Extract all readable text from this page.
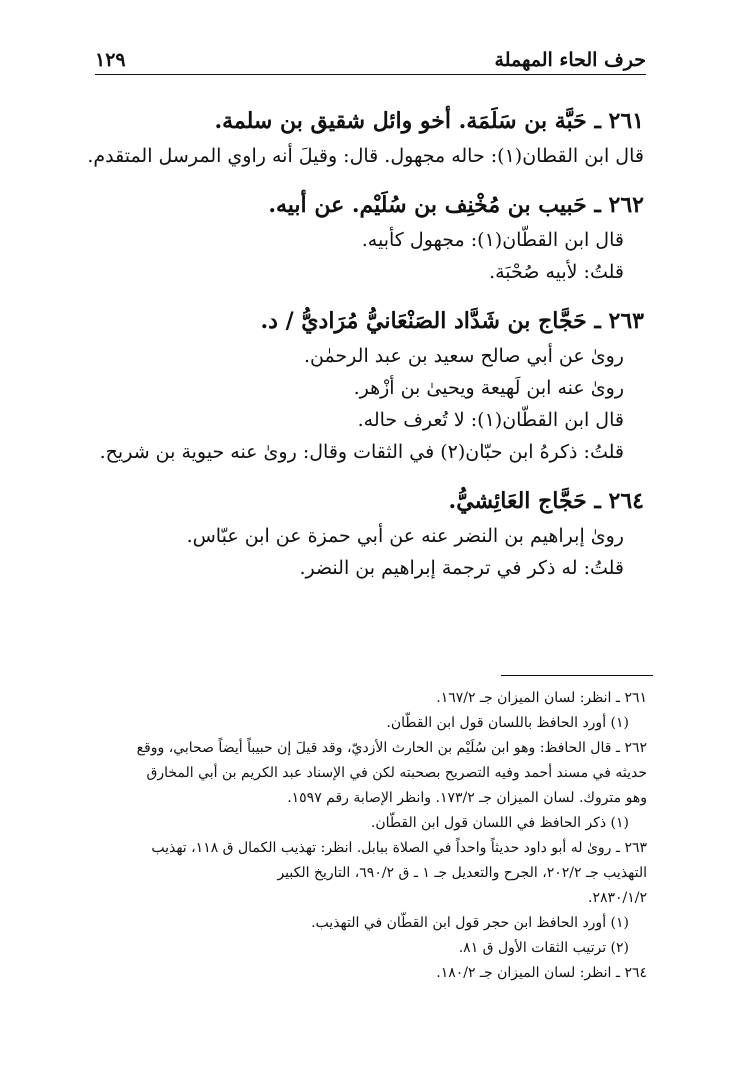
حرف الحاء المهملة
١٢٩

٢٦١ ـ حَبَّة بن سَلَمَة. أخو وائل شقيق بن سلمة.

قال ابن القطان(١): حاله مجهول. قال: وقيلَ أنه راوي المرسل المتقدم.

٢٦٢ ـ حَبيب بن مُخْنِف بن سُلَيْم. عن أبيه.

قال ابن القطّان(١): مجهول كأبيه.

قلتُ: لأبيه صُحْبَة.

٢٦٣ ـ حَجَّاج بن شَدَّاد الصَنْعَانيُّ مُرَاديُّ / د.

روىٰ عن أبي صالح سعيد بن عبد الرحمٰن.

روىٰ عنه ابن لَهيعة ويحيىٰ بن أزْهر.

قال ابن القطّان(١): لا تُعرف حاله.

قلتُ: ذكرهُ ابن حبّان(٢) في الثقات وقال: روىٰ عنه حيوية بن شريح.

٢٦٤ ـ حَجَّاج العَائِشيُّ.

روىٰ إبراهيم بن النضر عنه عن أبي حمزة عن ابن عبّاس.

قلتُ: له ذكر في ترجمة إبراهيم بن النضر.

٢٦١ ـ انظر: لسان الميزان جـ ١٦٧/٢.

(١) أورد الحافظ باللسان قول ابن القطّان.

٢٦٢ ـ قال الحافظ: وهو ابن سُلَيْم بن الحارث الأزديّ، وقد قيلَ إن حبيباً أيضاً صحابي، ووقع

حديثه في مسند أحمد وفيه التصريح بصحبته لكن في الإسناد عبد الكريم بن أبي المخارق

وهو متروك. لسان الميزان جـ ١٧٣/٢. وانظر الإصابة رقم ١٥٩٧.

(١) ذكر الحافظ في اللسان قول ابن القطّان.

٢٦٣ ـ روىٰ له أبو داود حديثاً واحداً في الصلاة ببابل. انظر: تهذيب الكمال ق ١١٨، تهذيب

التهذيب جـ ٢٠٢/٢، الجرح والتعديل جـ ١ ـ ق ٦٩٠/٢، التاريخ الكبير

٢٨٣٠/١/٢.

(١) أورد الحافظ ابن حجر قول ابن القطّان في التهذيب.

(٢) ترتيب الثقات الأول ق ٨١.

٢٦٤ ـ انظر: لسان الميزان جـ ١٨٠/٢.
